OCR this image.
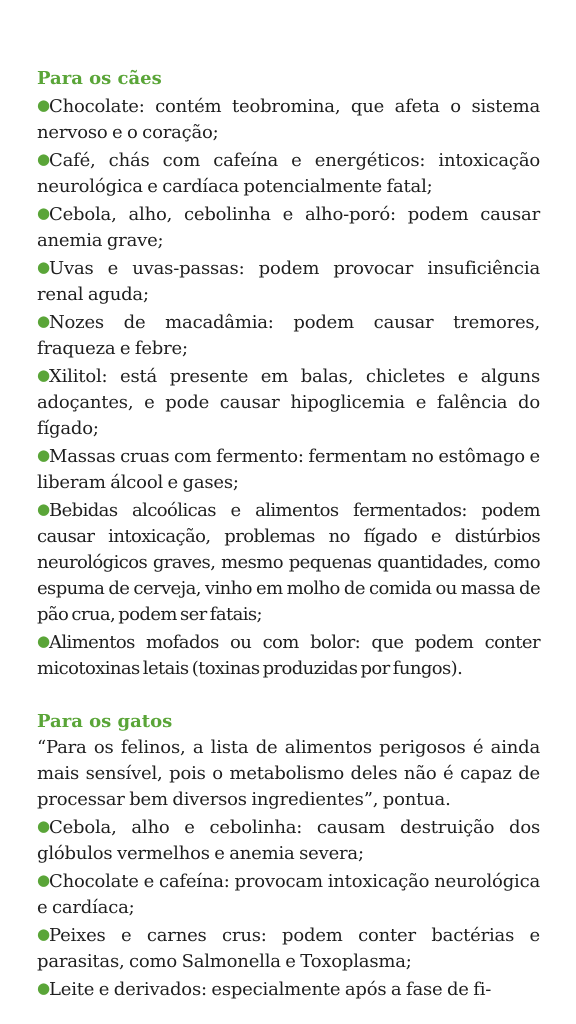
Para os cães

●Chocolate: contém teobromina, que afeta o sistema nervoso e o coração;

●Café, chás com cafeína e energéticos: intoxicação neurológica e cardíaca potencialmente fatal;

●Cebola, alho, cebolinha e alho-poró: podem causar anemia grave;

●Uvas e uvas-passas: podem provocar insuficiência renal aguda;

●Nozes de macadâmia: podem causar tremores, fraqueza e febre;

●Xilitol: está presente em balas, chicletes e alguns adoçantes, e pode causar hipoglicemia e falência do fígado;

●Massas cruas com fermento: fermentam no estômago e liberam álcool e gases;

●Bebidas alcoólicas e alimentos fermentados: podem causar intoxicação, problemas no fígado e distúrbios neurológicos graves, mesmo pequenas quantidades, como espuma de cerveja, vinho em molho de comida ou massa de pão crua, podem ser fatais;

●Alimentos mofados ou com bolor: que podem conter micotoxinas letais (toxinas produzidas por fungos).

Para os gatos

“Para os felinos, a lista de alimentos perigosos é ainda mais sensível, pois o metabolismo deles não é capaz de processar bem diversos ingredientes”, pontua.

●Cebola, alho e cebolinha: causam destruição dos glóbulos vermelhos e anemia severa;

●Chocolate e cafeína: provocam intoxicação neurológica e cardíaca;

●Peixes e carnes crus: podem conter bactérias e parasitas, como Salmonella e Toxoplasma;

●Leite e derivados: especialmente após a fase de fi-
